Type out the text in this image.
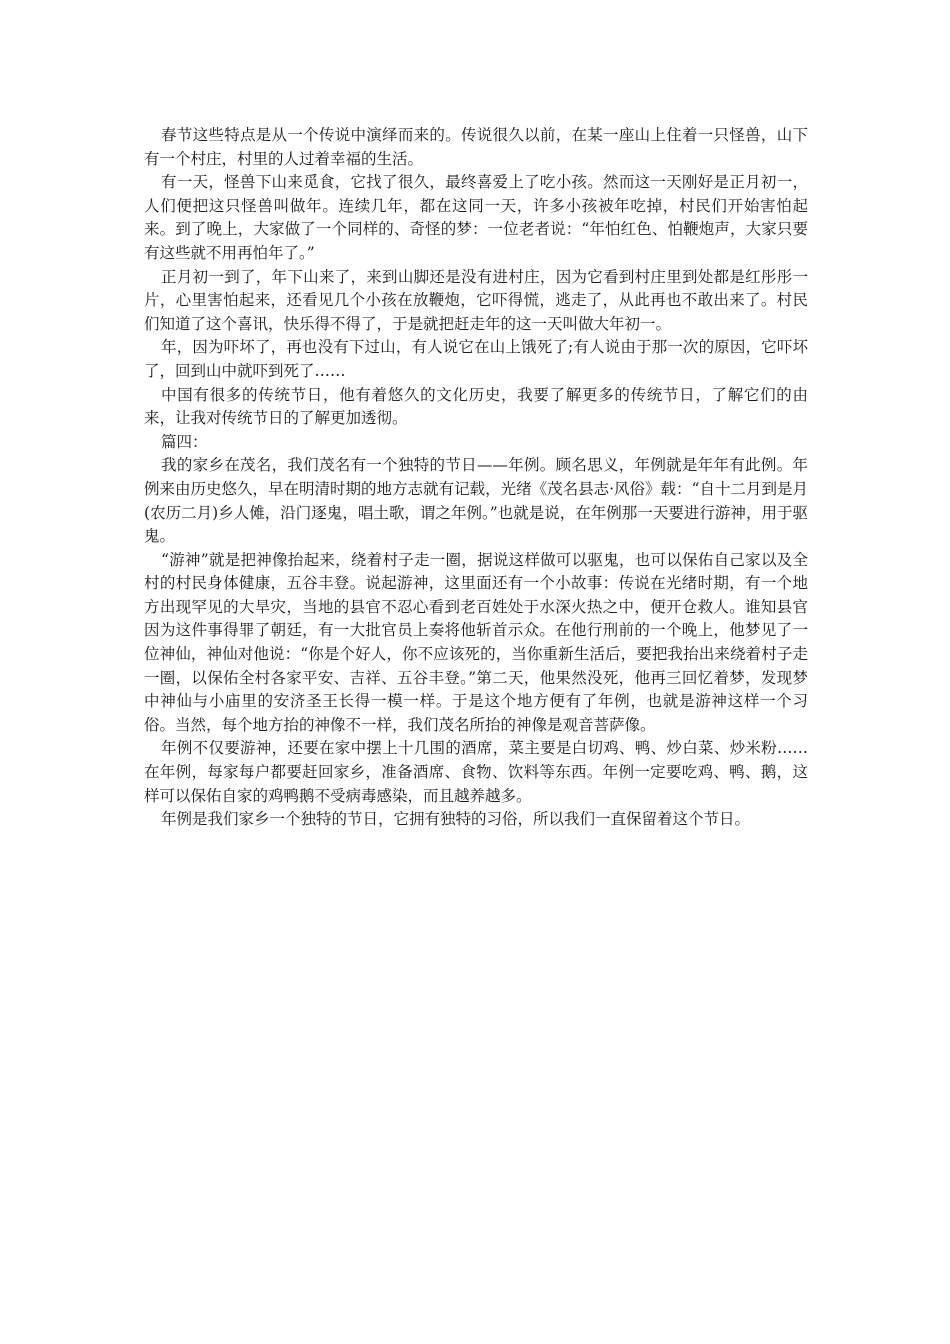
春节这些特点是从一个传说中演绎而来的。传说很久以前，在某一座山上住着一只怪兽，山下有一个村庄，村里的人过着幸福的生活。

有一天，怪兽下山来觅食，它找了很久，最终喜爱上了吃小孩。然而这一天刚好是正月初一，人们便把这只怪兽叫做年。连续几年，都在这同一天，许多小孩被年吃掉，村民们开始害怕起来。到了晚上，大家做了一个同样的、奇怪的梦：一位老者说：“年怕红色、怕鞭炮声，大家只要有这些就不用再怕年了。”

正月初一到了，年下山来了，来到山脚还是没有进村庄，因为它看到村庄里到处都是红彤彤一片，心里害怕起来，还看见几个小孩在放鞭炮，它吓得慌，逃走了，从此再也不敢出来了。村民们知道了这个喜讯，快乐得不得了，于是就把赶走年的这一天叫做大年初一。

年，因为吓坏了，再也没有下过山，有人说它在山上饿死了;有人说由于那一次的原因，它吓坏了，回到山中就吓到死了……

中国有很多的传统节日，他有着悠久的文化历史，我要了解更多的传统节日，了解它们的由来，让我对传统节日的了解更加透彻。

篇四：

我的家乡在茂名，我们茂名有一个独特的节日——年例。顾名思义，年例就是年年有此例。年例来由历史悠久，早在明清时期的地方志就有记载，光绪《茂名县志·风俗》载：“自十二月到是月(农历二月)乡人傩，沿门逐鬼，唱土歌，谓之年例。”也就是说，在年例那一天要进行游神，用于驱鬼。

“游神”就是把神像抬起来，绕着村子走一圈，据说这样做可以驱鬼，也可以保佑自己家以及全村的村民身体健康，五谷丰登。说起游神，这里面还有一个小故事：传说在光绪时期，有一个地方出现罕见的大旱灾，当地的县官不忍心看到老百姓处于水深火热之中，便开仓救人。谁知县官因为这件事得罪了朝廷，有一大批官员上奏将他斩首示众。在他行刑前的一个晚上，他梦见了一位神仙，神仙对他说：“你是个好人，你不应该死的，当你重新生活后，要把我抬出来绕着村子走一圈，以保佑全村各家平安、吉祥、五谷丰登。”第二天，他果然没死，他再三回忆着梦，发现梦中神仙与小庙里的安济圣王长得一模一样。于是这个地方便有了年例，也就是游神这样一个习俗。当然，每个地方抬的神像不一样，我们茂名所抬的神像是观音菩萨像。

年例不仅要游神，还要在家中摆上十几围的酒席，菜主要是白切鸡、鸭、炒白菜、炒米粉……在年例，每家每户都要赶回家乡，准备酒席、食物、饮料等东西。年例一定要吃鸡、鸭、鹅，这样可以保佑自家的鸡鸭鹅不受病毒感染，而且越养越多。

年例是我们家乡一个独特的节日，它拥有独特的习俗，所以我们一直保留着这个节日。
